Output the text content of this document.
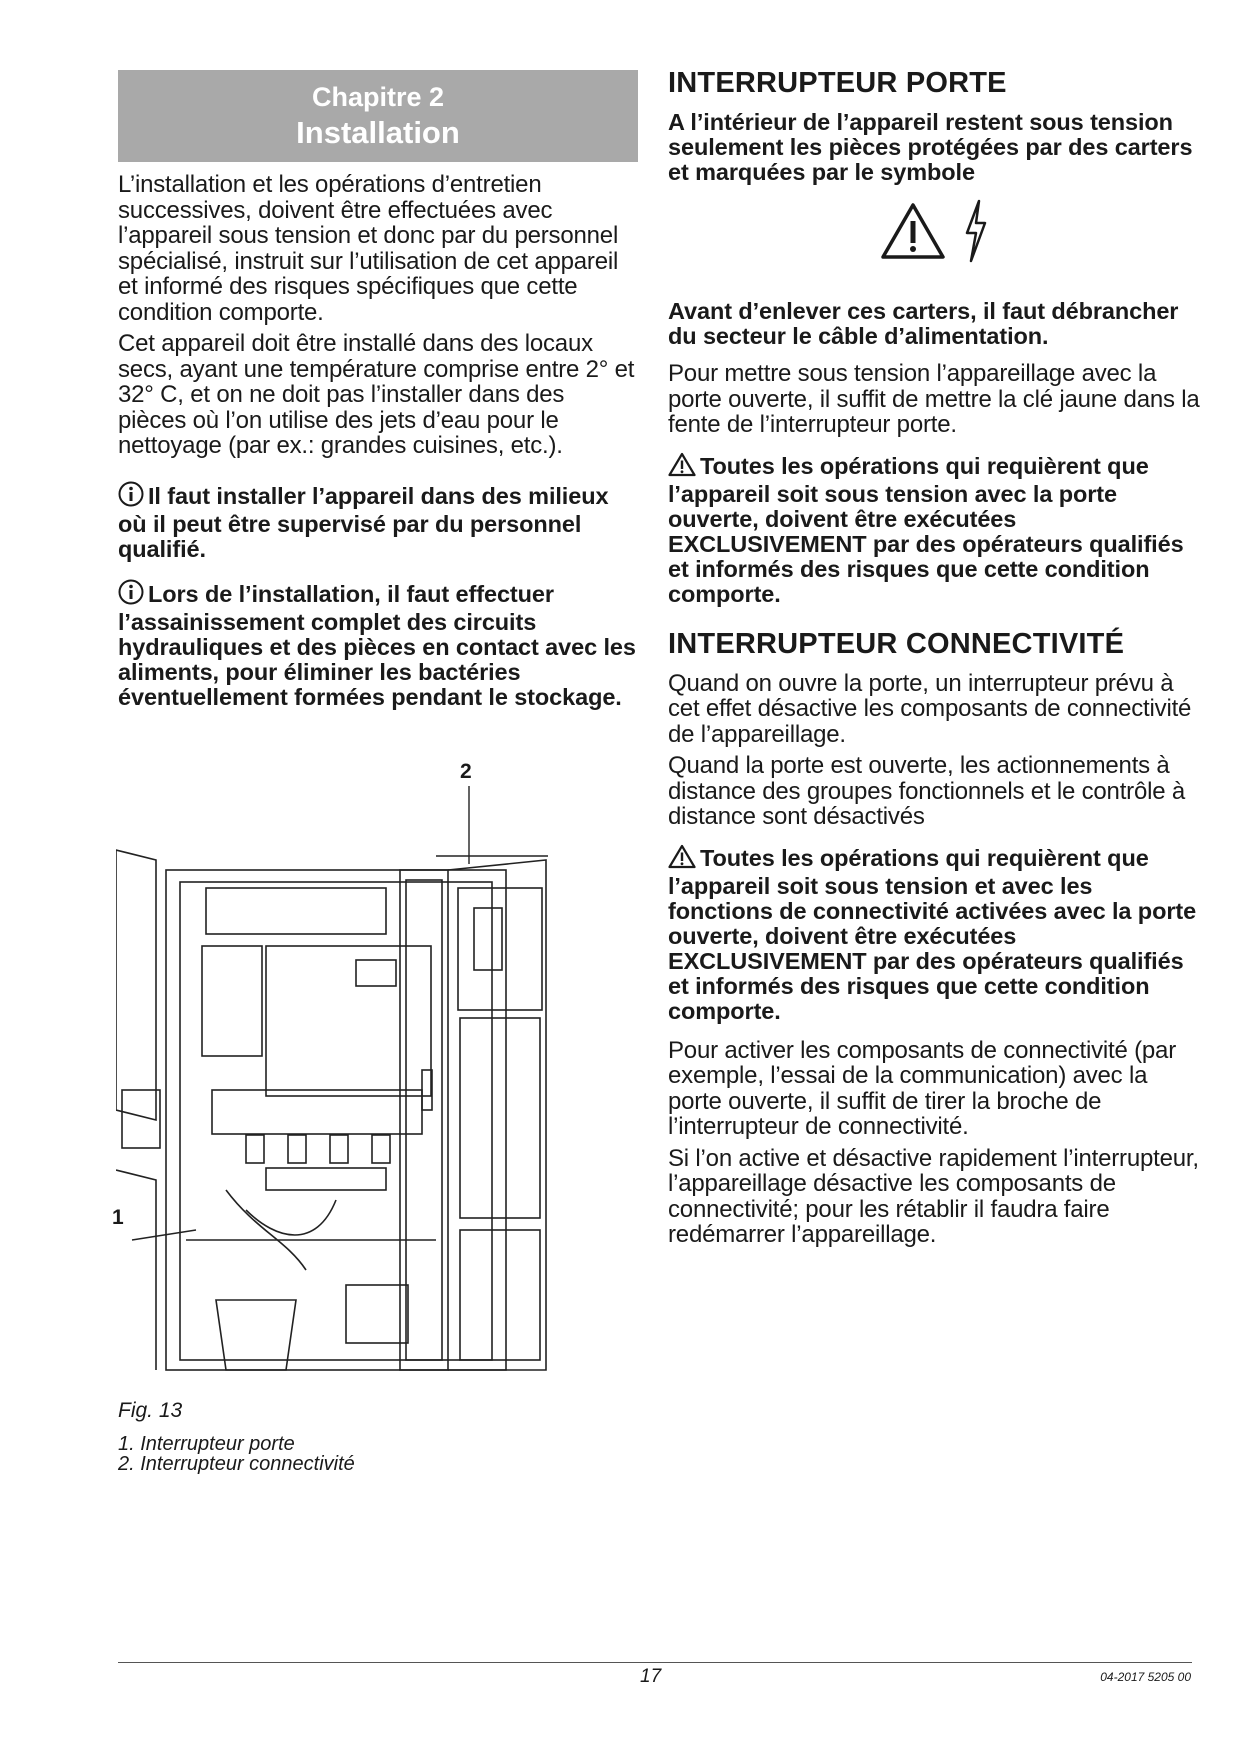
Chapitre 2
Installation

L’installation et les opérations d’entretien successives, doivent être effectuées avec l’appareil sous tension et donc par du personnel spécialisé, instruit sur l’utilisation de cet appareil et informé des risques spécifiques que cette condition comporte.

Cet appareil doit être installé dans des locaux secs, ayant une température comprise entre 2° et 32° C, et on ne doit pas l’installer dans des pièces où l’on utilise des jets d’eau pour le nettoyage (par ex.: grandes cuisines, etc.).

Il faut installer l’appareil dans des milieux où il peut être supervisé par du personnel qualifié.

Lors de l’installation, il faut effectuer l’assainissement complet des circuits hydrauliques et des pièces en contact avec les aliments, pour éliminer les bactéries éventuellement formées pendant le stockage.

2
1
Fig. 13
1. Interrupteur porte
2. Interrupteur connectivité
INTERRUPTEUR PORTE

A l’intérieur de l’appareil restent sous tension seulement les pièces protégées par des carters et marquées par le symbole

Avant d’enlever ces carters, il faut débrancher du secteur le câble d’alimentation.

Pour mettre sous tension l’appareillage avec la porte ouverte, il suffit de mettre la clé jaune dans la fente de l’interrupteur porte.

Toutes les opérations qui requièrent que l’appareil soit sous tension avec la porte ouverte, doivent être exécutées EXCLUSIVEMENT par des opérateurs qualifiés et informés des risques que cette condition comporte.

INTERRUPTEUR CONNECTIVITÉ

Quand on ouvre la porte, un interrupteur prévu à cet effet désactive les composants de connectivité de l’appareillage.

Quand la porte est ouverte, les actionnements à distance des groupes fonctionnels et le contrôle à distance sont désactivés

Toutes les opérations qui requièrent que l’appareil soit sous tension et avec les fonctions de connectivité activées avec la porte ouverte, doivent être exécutées EXCLUSIVEMENT par des opérateurs qualifiés et informés des risques que cette condition comporte.

Pour activer les composants de connectivité (par exemple, l’essai de la communication) avec la porte ouverte, il suffit de tirer la broche de l’interrupteur de connectivité.

Si l’on active et désactive rapidement l’interrupteur, l’appareillage désactive les composants de connectivité; pour les rétablir il faudra faire redémarrer l’appareillage.

17	04-2017 5205 00
